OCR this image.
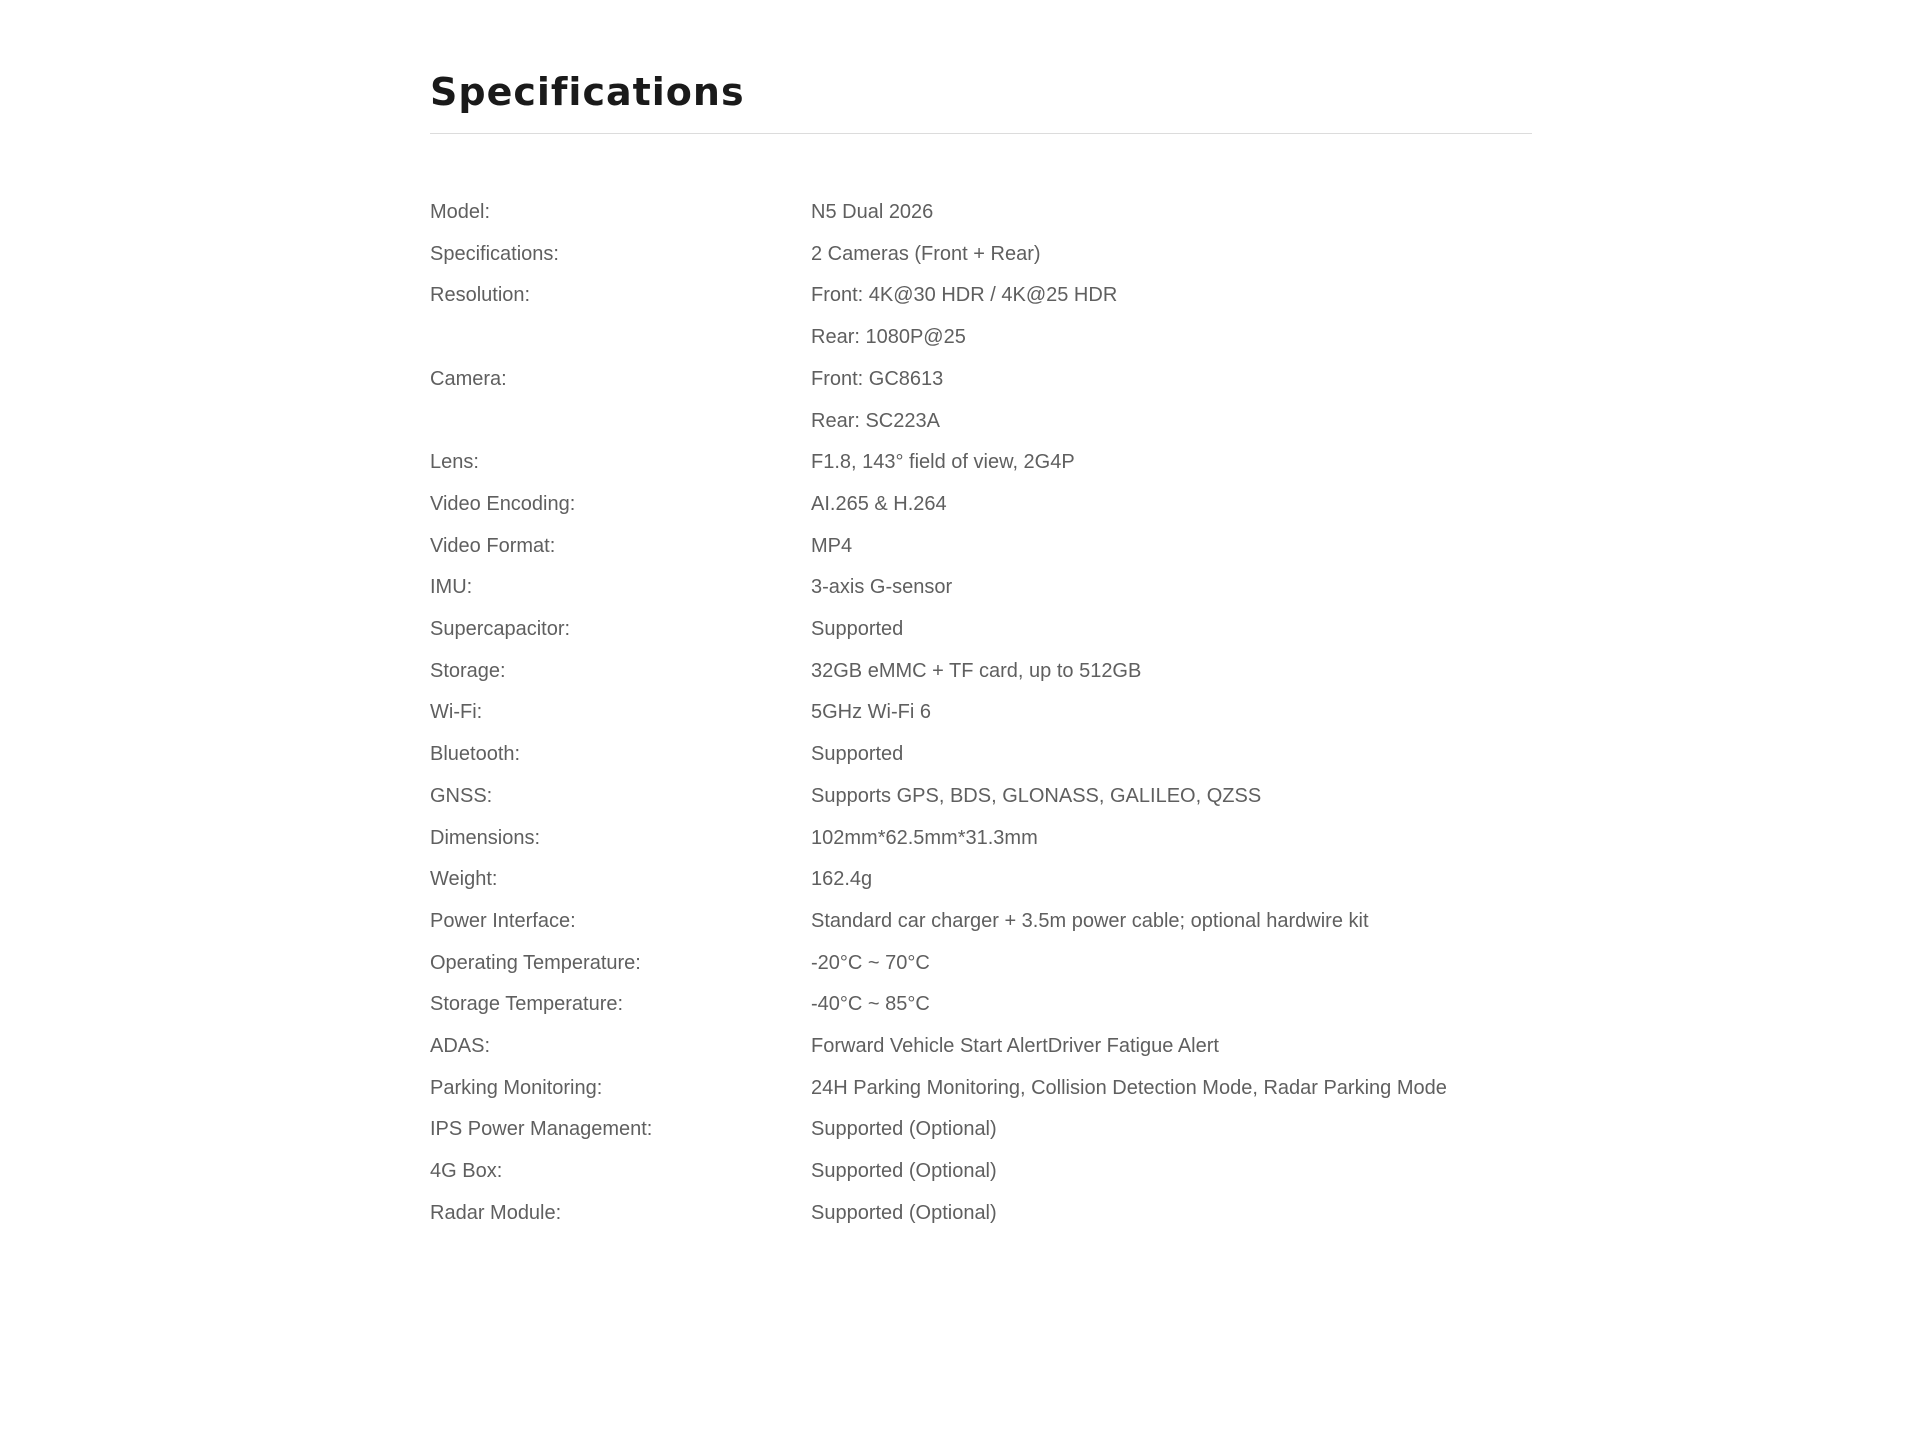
Specifications
Model:	N5 Dual 2026
Specifications:	2 Cameras (Front + Rear)
Resolution:	Front: 4K@30 HDR / 4K@25 HDR
	Rear: 1080P@25
Camera:	Front: GC8613
	Rear: SC223A
Lens:	F1.8, 143° field of view, 2G4P
Video Encoding:	AI.265 & H.264
Video Format:	MP4
IMU:	3-axis G-sensor
Supercapacitor:	Supported
Storage:	32GB eMMC + TF card, up to 512GB
Wi-Fi:	5GHz Wi-Fi 6
Bluetooth:	Supported
GNSS:	Supports GPS, BDS, GLONASS, GALILEO, QZSS
Dimensions:	102mm*62.5mm*31.3mm
Weight:	162.4g
Power Interface:	Standard car charger + 3.5m power cable; optional hardwire kit
Operating Temperature:	-20°C ~ 70°C
Storage Temperature:	-40°C ~ 85°C
ADAS:	Forward Vehicle Start AlertDriver Fatigue Alert
Parking Monitoring:	24H Parking Monitoring, Collision Detection Mode, Radar Parking Mode
IPS Power Management:	Supported (Optional)
4G Box:	Supported (Optional)
Radar Module:	Supported (Optional)
